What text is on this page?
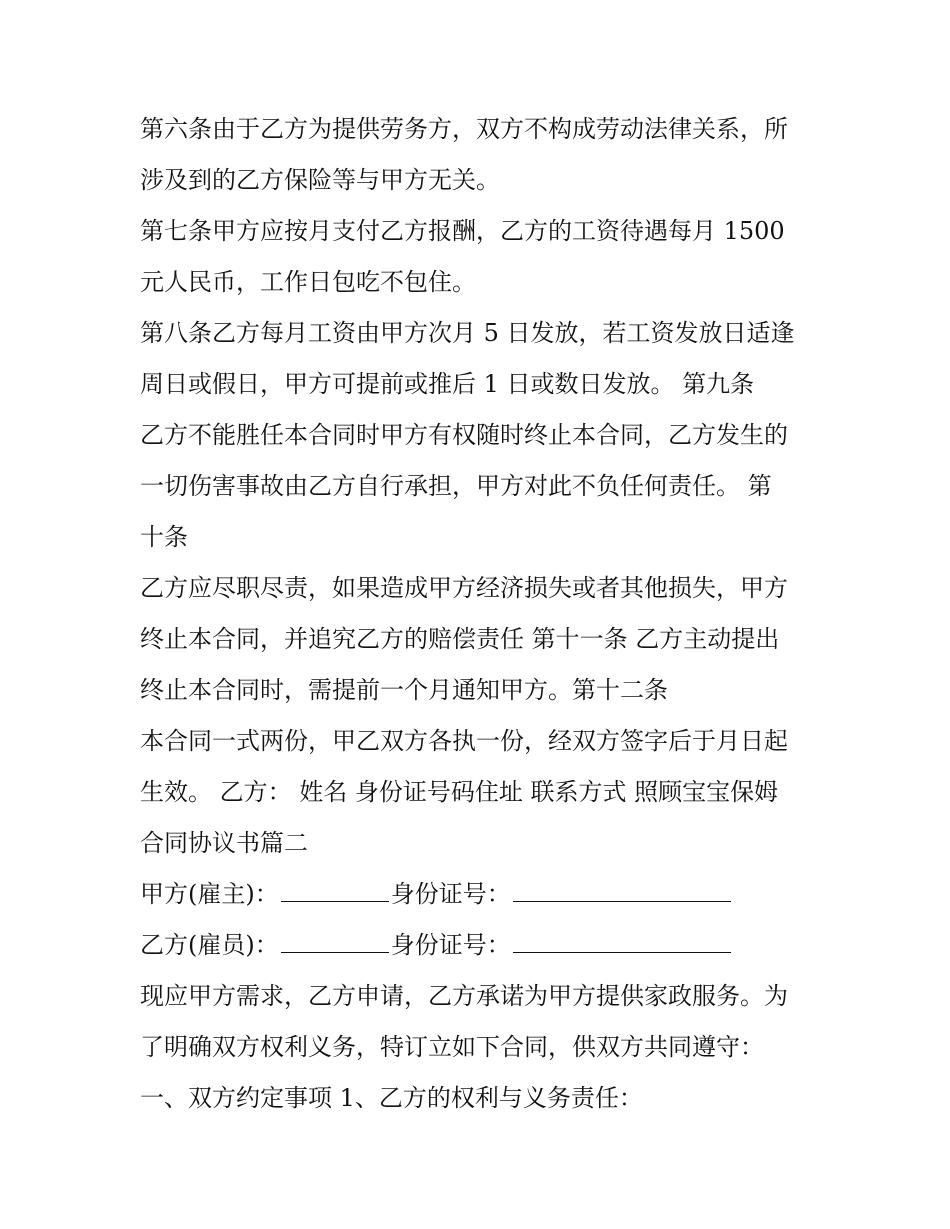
第六条由于乙方为提供劳务方，双方不构成劳动法律关系，所
涉及到的乙方保险等与甲方无关。
第七条甲方应按月支付乙方报酬，乙方的工资待遇每月 1500
元人民币，工作日包吃不包住。
第八条乙方每月工资由甲方次月 5 日发放，若工资发放日适逢
周日或假日，甲方可提前或推后 1 日或数日发放。 第九条
乙方不能胜任本合同时甲方有权随时终止本合同，乙方发生的
一切伤害事故由乙方自行承担，甲方对此不负任何责任。 第
十条
乙方应尽职尽责，如果造成甲方经济损失或者其他损失，甲方
终止本合同，并追究乙方的赔偿责任 第十一条 乙方主动提出
终止本合同时，需提前一个月通知甲方。第十二条
本合同一式两份，甲乙双方各执一份，经双方签字后于月日起
生效。 乙方： 姓名 身份证号码住址 联系方式 照顾宝宝保姆
合同协议书篇二
甲方(雇主)：	身份证号：
乙方(雇员)：	身份证号：
现应甲方需求，乙方申请，乙方承诺为甲方提供家政服务。为
了明确双方权利义务，特订立如下合同，供双方共同遵守：
一、双方约定事项 1、乙方的权利与义务责任：
